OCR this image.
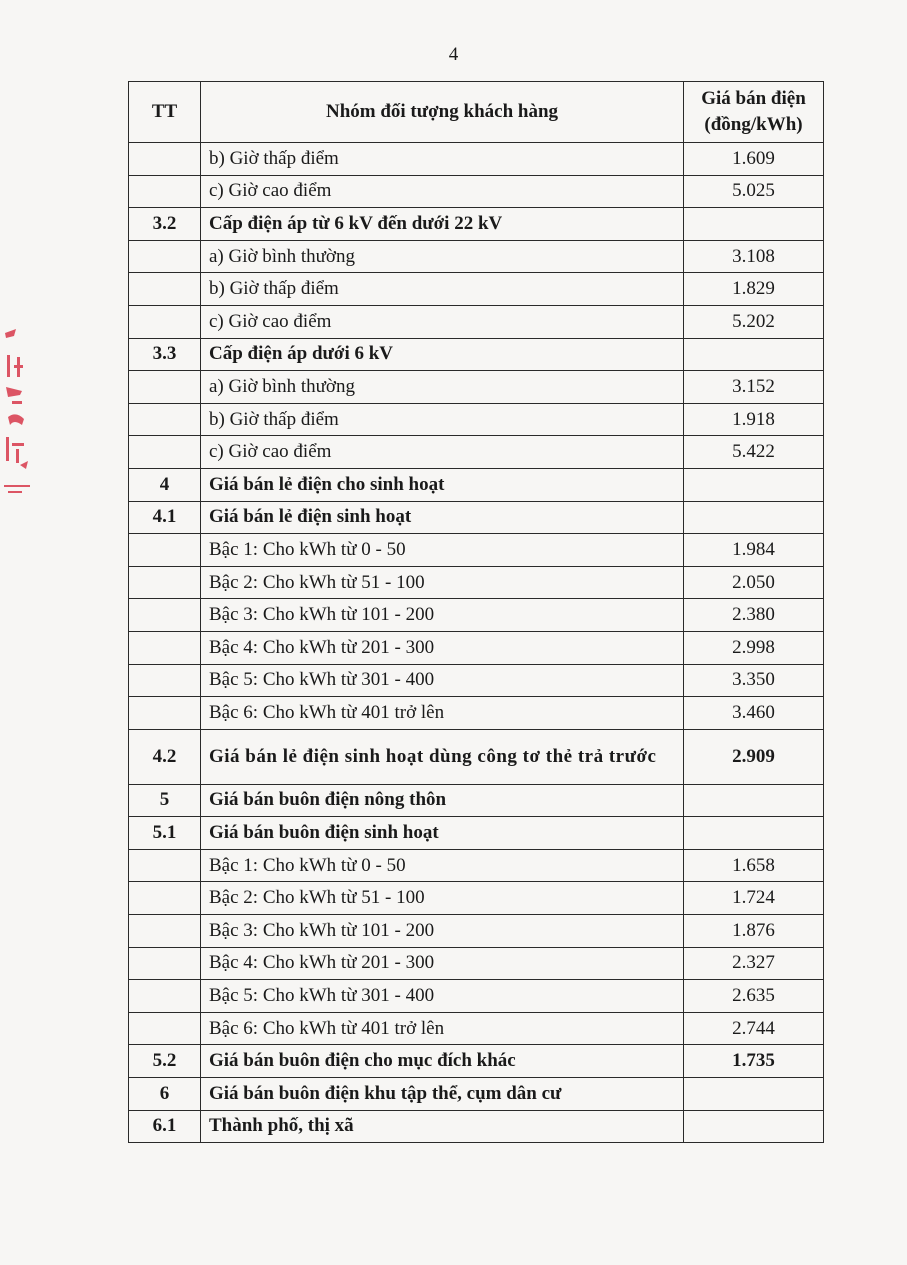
4
TT	Nhóm đối tượng khách hàng	Giá bán điện
(đồng/kWh)
	b) Giờ thấp điểm	1.609
	c) Giờ cao điểm	5.025
3.2	Cấp điện áp từ 6 kV đến dưới 22 kV	
	a) Giờ bình thường	3.108
	b) Giờ thấp điểm	1.829
	c) Giờ cao điểm	5.202
3.3	Cấp điện áp dưới 6 kV	
	a) Giờ bình thường	3.152
	b) Giờ thấp điểm	1.918
	c) Giờ cao điểm	5.422
4	Giá bán lẻ điện cho sinh hoạt	
4.1	Giá bán lẻ điện sinh hoạt	
	Bậc 1: Cho kWh từ 0 - 50	1.984
	Bậc 2: Cho kWh từ 51 - 100	2.050
	Bậc 3: Cho kWh từ 101 - 200	2.380
	Bậc 4: Cho kWh từ 201 - 300	2.998
	Bậc 5: Cho kWh từ 301 - 400	3.350
	Bậc 6: Cho kWh từ 401 trở lên	3.460
4.2	Giá bán lẻ điện sinh hoạt dùng công tơ thẻ trả trước	2.909
5	Giá bán buôn điện nông thôn	
5.1	Giá bán buôn điện sinh hoạt	
	Bậc 1: Cho kWh từ 0 - 50	1.658
	Bậc 2: Cho kWh từ 51 - 100	1.724
	Bậc 3: Cho kWh từ 101 - 200	1.876
	Bậc 4: Cho kWh từ 201 - 300	2.327
	Bậc 5: Cho kWh từ 301 - 400	2.635
	Bậc 6: Cho kWh từ 401 trở lên	2.744
5.2	Giá bán buôn điện cho mục đích khác	1.735
6	Giá bán buôn điện khu tập thể, cụm dân cư	
6.1	Thành phố, thị xã	
